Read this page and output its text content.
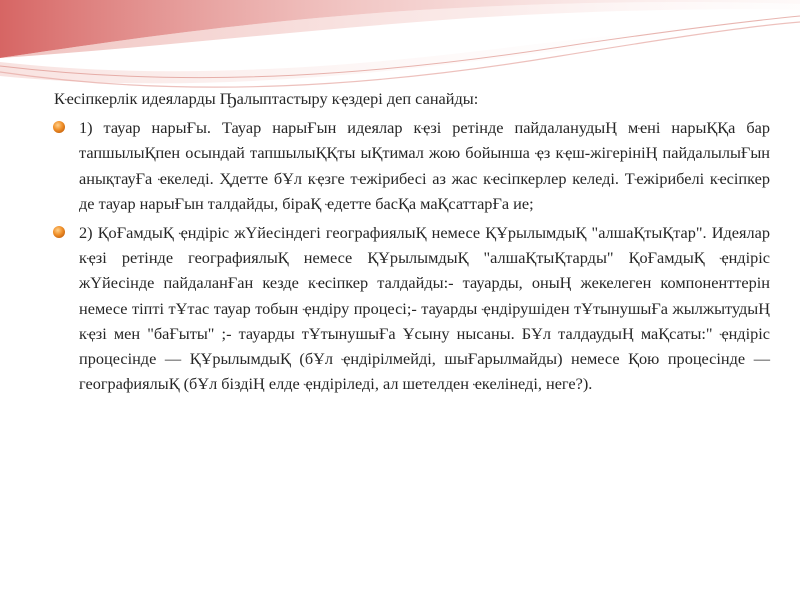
Кҽсіпкерлік идеяларды Ҧалыптастыру кҿздері деп санайды:

1) тауар нарыҒы. Тауар нарыҒын идеялар кҿзі ретінде пайдаланудыҢ мҽні нарыҚҚа бар тапшылыҚпен осындай тапшылыҚҚты ыҚтимал жою бойынша ҿз кҿш-жігерініҢ пайдалылыҒын анықтауҒа ҽкеледі. Ҳдетте бҰл кҿзге тҽжірибесі аз жас кҽсіпкерлер келеді. Тҽжірибелі кҽсіпкер де тауар нарыҒын талдайды, біраҚ ҽдетте басҚа маҚсаттарҒа ие;
2) ҚоҒамдыҚ ҿндіріс жҮйесіндегі географиялыҚ немесе ҚҰрылымдыҚ "алшаҚтыҚтар". Идеялар кҿзі ретінде географиялыҚ немесе ҚҰрылымдыҚ "алшаҚтыҚтарды" ҚоҒамдыҚ ҿндіріс жҮйесінде пайдаланҒан кезде кҽсіпкер талдайды:- тауарды, оныҢ жекелеген компоненттерін немесе тіпті тҰтас тауар тобын ҿндіру процесі;- тауарды ҿндірушіден тҰтынушыҒа жылжытудыҢ кҿзі мен "баҒыты" ;- тауарды тҰтынушыҒа Ұсыну нысаны. БҰл талдаудыҢ маҚсаты:" ҿндіріс процесінде — ҚҰрылымдыҚ (бҰл ҿндірілмейді, шыҒарылмайды) немесе Қою процесінде — географиялыҚ (бҰл біздіҢ елде ҿндіріледі, ал шетелден ҽкелінеді, неге?).
